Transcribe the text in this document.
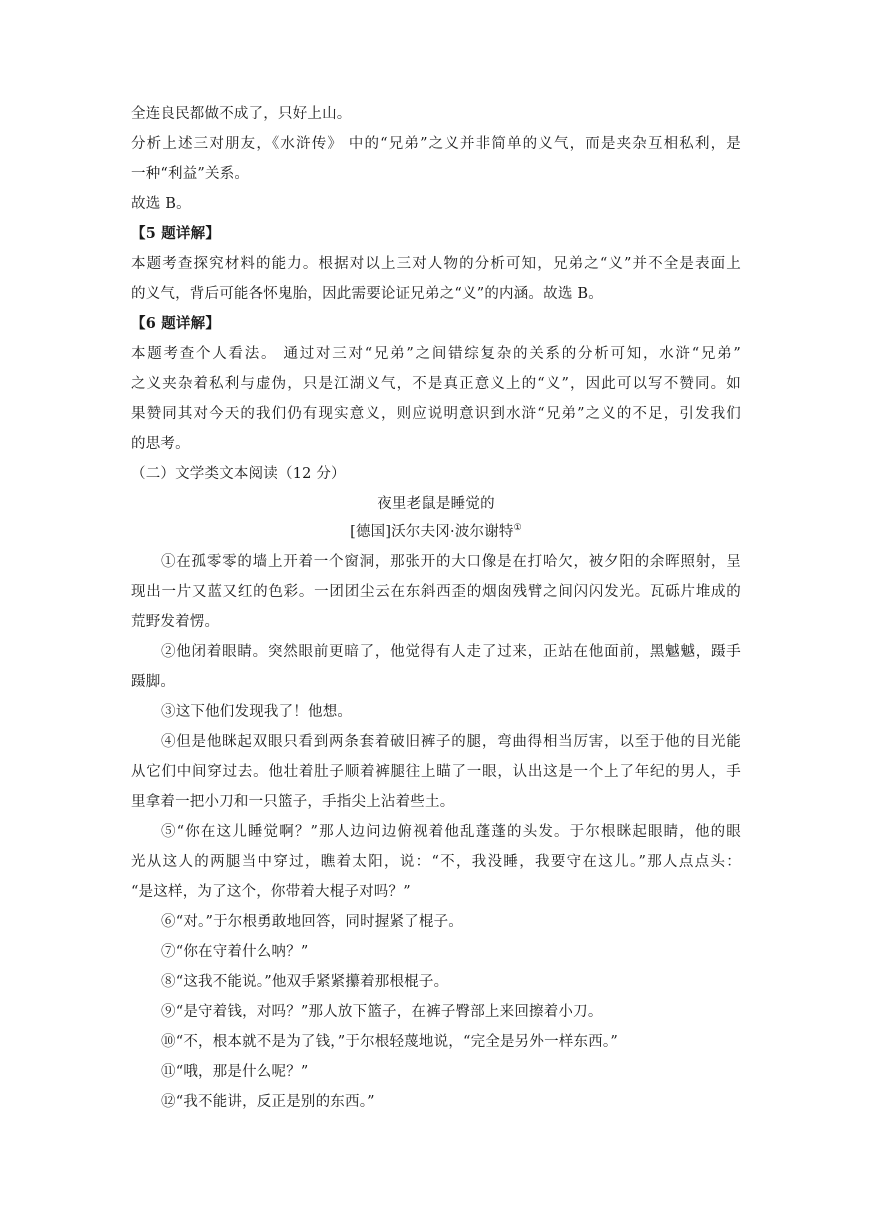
全连良民都做不成了，只好上山。
分析上述三对朋友，《水浒传》 中的“兄弟”之义并非简单的义气，而是夹杂互相私利，是
一种“利益”关系。
故选 B。
【5 题详解】
本题考查探究材料的能力。根据对以上三对人物的分析可知，兄弟之“义”并不全是表面上
的义气，背后可能各怀鬼胎，因此需要论证兄弟之“义”的内涵。故选 B。
【6 题详解】
本题考查个人看法。 通过对三对“兄弟”之间错综复杂的关系的分析可知，水浒“兄弟”
之义夹杂着私利与虚伪，只是江湖义气，不是真正意义上的“义”，因此可以写不赞同。如
果赞同其对今天的我们仍有现实意义，则应说明意识到水浒“兄弟”之义的不足，引发我们
的思考。
（二）文学类文本阅读（12 分）
夜里老鼠是睡觉的
[德国]沃尔夫冈·波尔谢特①
①在孤零零的墙上开着一个窗洞，那张开的大口像是在打哈欠，被夕阳的余晖照射，呈
现出一片又蓝又红的色彩。一团团尘云在东斜西歪的烟囱残臂之间闪闪发光。瓦砾片堆成的
荒野发着愣。
②他闭着眼睛。突然眼前更暗了，他觉得有人走了过来，正站在他面前，黑魆魆，蹑手
蹑脚。
③这下他们发现我了！他想。
④但是他眯起双眼只看到两条套着破旧裤子的腿，弯曲得相当厉害，以至于他的目光能
从它们中间穿过去。他壮着肚子顺着裤腿往上瞄了一眼，认出这是一个上了年纪的男人，手
里拿着一把小刀和一只篮子，手指尖上沾着些土。
⑤“你在这儿睡觉啊？”那人边问边俯视着他乱蓬蓬的头发。于尔根眯起眼睛，他的眼
光从这人的两腿当中穿过，瞧着太阳，说：“不，我没睡，我要守在这儿。”那人点点头：
“是这样，为了这个，你带着大棍子对吗？”
⑥“对。”于尔根勇敢地回答，同时握紧了棍子。
⑦“你在守着什么呐？”
⑧“这我不能说。”他双手紧紧攥着那根棍子。
⑨“是守着钱，对吗？”那人放下篮子，在裤子臀部上来回擦着小刀。
⑩“不，根本就不是为了钱，”于尔根轻蔑地说，“完全是另外一样东西。”
⑪“哦，那是什么呢？”
⑫“我不能讲，反正是别的东西。”
